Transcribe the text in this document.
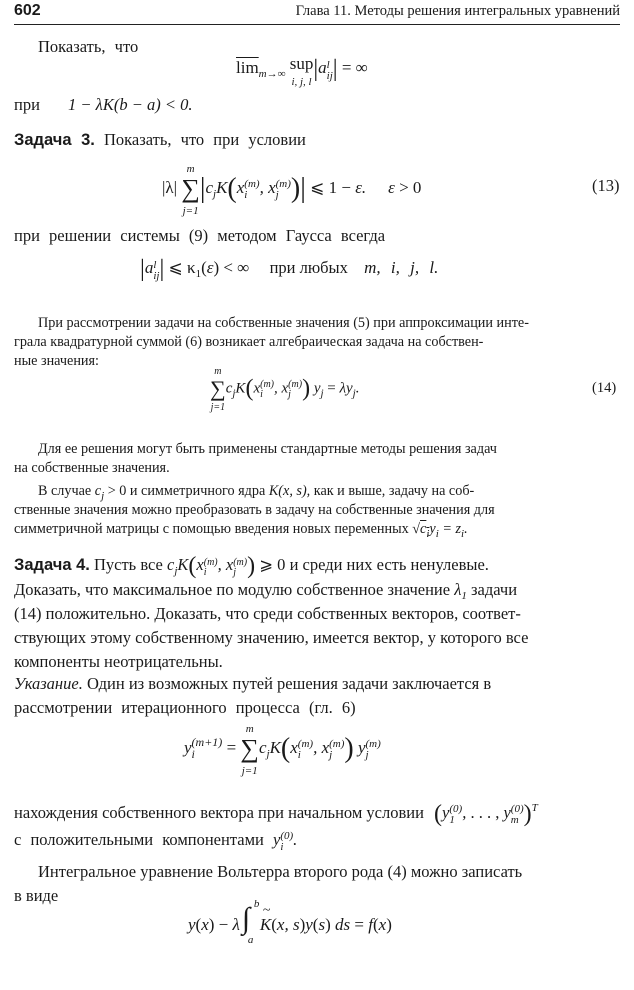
602	Глава 11. Методы решения интегральных уравнений
Показать, что
$\overline{lim}_{m\to\infty}$ sup
i, j, l|al
ij| = ∞
при 1 − λK(b − a) < 0.
Задача 3. Показать, что при условии
|λ| m
∑
$j=1|c_jK(x(m)$
i , x(m)
j )| ⩽ 1 − ε. ε > 0	(13)
при решении системы (9) методом Гаусса всегда
|al
ij| ⩽ $\kappa_1(\varepsilon)$ < ∞ при любых m, i, j, l.
При рассмотрении задачи на собственные значения (5) при аппроксимации инте-
грала квадратурной суммой (6) возникает алгебраическая задача на собствен-
ные значения:
m
∑
$j=1c_jK(x(m)$
i , x(m)
j ) $y_j = \lambda y_j$.	(14)
Для ее решения могут быть применены стандартные методы решения задач
на собственные значения.
В случае $c_j > 0$ и симметричного ядра K(x, s), как и выше, задачу на соб-
ственные значения можно преобразовать в задачу на собственные значения для
симметричной матрицы с помощью введения новых переменных $√c_iy_i = z_i$.
Задача 4. Пусть все $c_jK(x(m)$
i , x(m)
j ) ⩾ 0 и среди них есть ненулевые.
Доказать, что максимальное по модулю собственное значение $\lambda_1$ задачи
(14) положительно. Доказать, что среди собственных векторов, соответ-
ствующих этому собственному значению, имеется вектор, у которого все
компоненты неотрицательны.
Указание. Один из возможных путей решения задачи заключается в
рассмотрении итерационного процесса (гл. 6)
y(m+1)
i = m
∑
$j=1c_jK(x(m)$
i , x(m)
j ) y(m)
j
нахождения собственного вектора при начальном условии (y(0)
1 , . . . , y(0)
m )$^T$
с положительными компонентами y(0)
i .
Интегральное уравнение Вольтерра второго рода (4) можно записать
в виде
y(x) − λ ∫ b
a
K
~
(x, s)y(s) ds = f(x)
